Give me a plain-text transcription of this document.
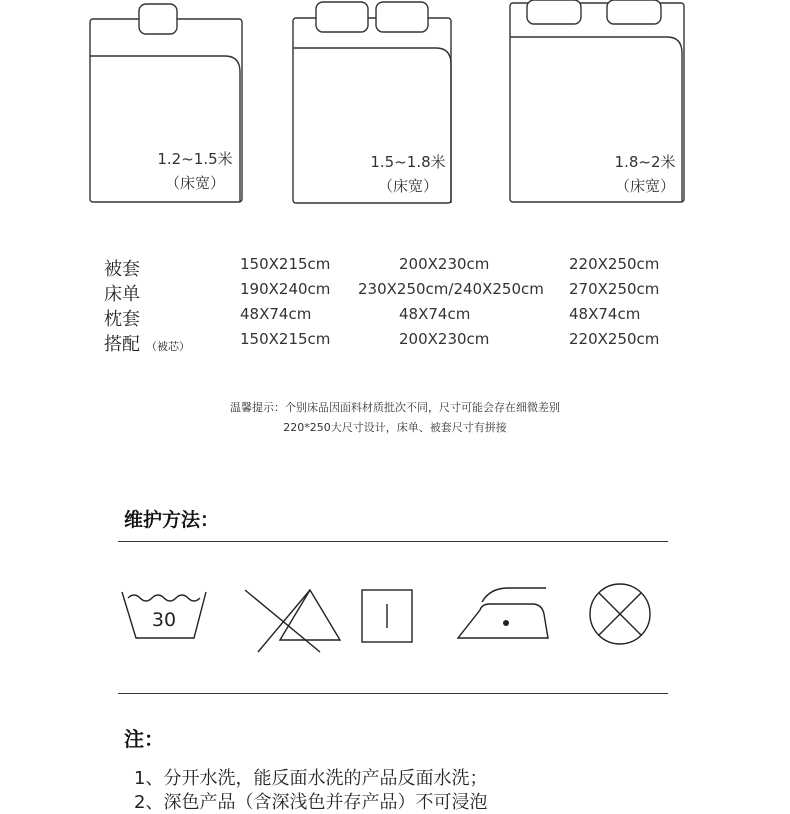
1.2~1.5米
（床宽）
1.5~1.8米
（床宽）
1.8~2米
（床宽）
被套	150X215cm	200X230cm	220X250cm
床单	190X240cm 230X250cm/240X250cm 270X250cm
枕套	48X74cm	48X74cm	48X74cm
搭配 （被芯）	150X215cm	200X230cm	220X250cm
温馨提示：个别床品因面料材质批次不同，尺寸可能会存在细微差别
220*250大尺寸设计，床单、被套尺寸有拼接
维护方法：
30
注：
1、分开水洗，能反面水洗的产品反面水洗；
2、深色产品（含深浅色并存产品）不可浸泡
